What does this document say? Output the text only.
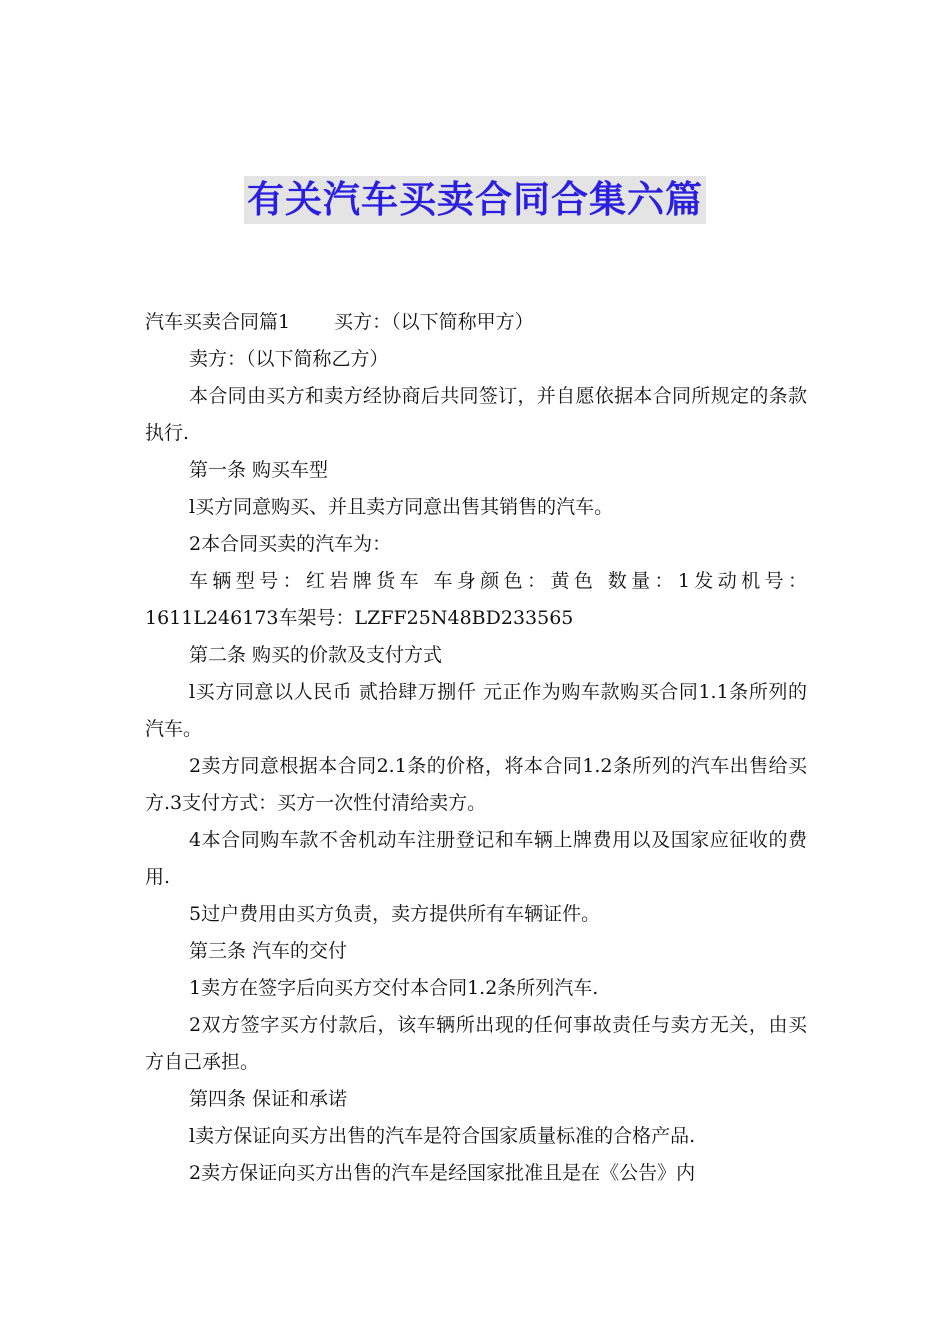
有关汽车买卖合同合集六篇
汽车买卖合同篇1 买方：（以下简称甲方）

卖方：（以下简称乙方）

本合同由买方和卖方经协商后共同签订，并自愿依据本合同所规定的条款执行.

第一条 购买车型

l买方同意购买、并且卖方同意出售其销售的汽车。

2本合同买卖的汽车为：

车辆型号：红岩牌货车 车身颜色：黄色 数量：1发动机号：1611L246173车架号：LZFF25N48BD233565

第二条 购买的价款及支付方式

l买方同意以人民币 贰拾肆万捌仟 元正作为购车款购买合同1.1条所列的汽车。

2卖方同意根据本合同2.1条的价格，将本合同1.2条所列的汽车出售给买方.3支付方式：买方一次性付清给卖方。

4本合同购车款不舍机动车注册登记和车辆上牌费用以及国家应征收的费用.

5过户费用由买方负责，卖方提供所有车辆证件。

第三条 汽车的交付

1卖方在签字后向买方交付本合同1.2条所列汽车.

2双方签字买方付款后，该车辆所出现的任何事故责任与卖方无关，由买方自己承担。

第四条 保证和承诺

l卖方保证向买方出售的汽车是符合国家质量标准的合格产品.

2卖方保证向买方出售的汽车是经国家批准且是在《公告》内
